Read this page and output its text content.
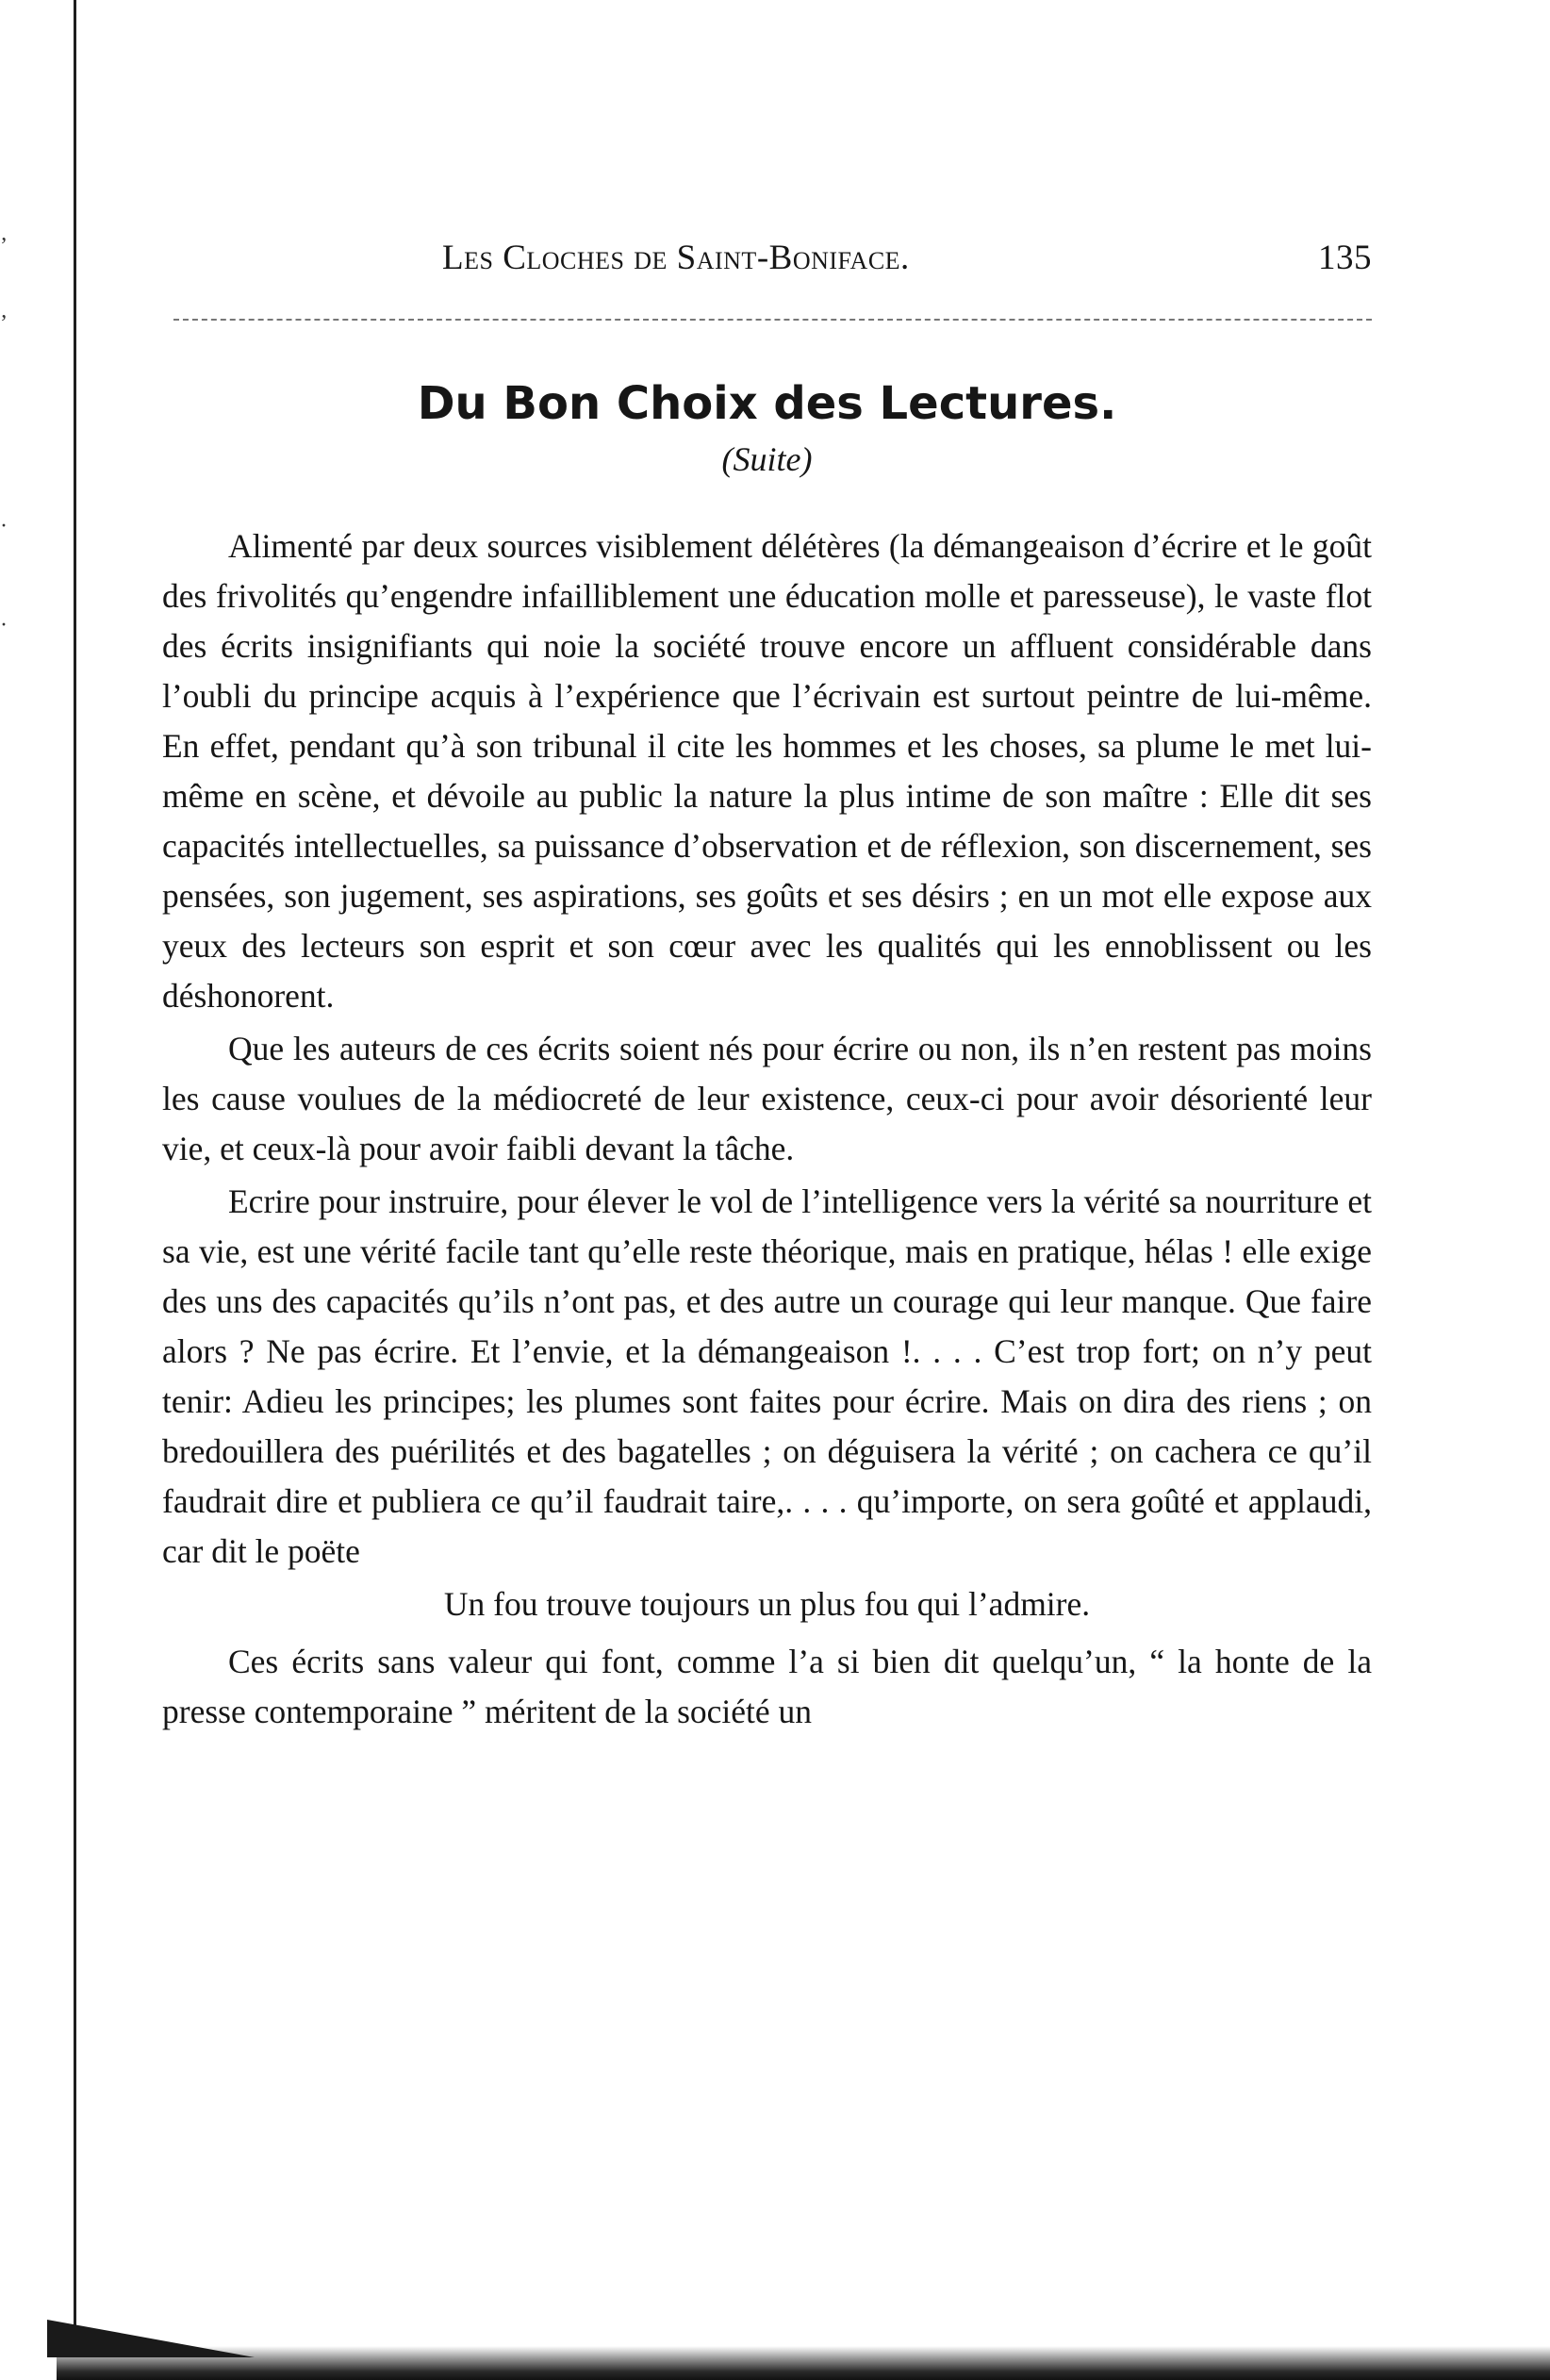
ʼ
ʼ
·
·
Les Cloches de Saint-Boniface.	135
Du Bon Choix des Lectures.

(Suite)

Alimenté par deux sources visiblement délétères (la démangeaison d’écrire et le goût des frivolités qu’engendre infailliblement une éducation molle et paresseuse), le vaste flot des écrits insignifiants qui noie la société trouve encore un affluent considérable dans l’oubli du principe acquis à l’expérience que l’écrivain est surtout peintre de lui-même. En effet, pendant qu’à son tribunal il cite les hommes et les choses, sa plume le met lui-même en scène, et dévoile au public la nature la plus intime de son maître : Elle dit ses capacités intellectuelles, sa puissance d’observation et de réflexion, son discernement, ses pensées, son jugement, ses aspirations, ses goûts et ses désirs ; en un mot elle expose aux yeux des lecteurs son esprit et son cœur avec les qualités qui les ennoblissent ou les déshonorent.

Que les auteurs de ces écrits soient nés pour écrire ou non, ils n’en restent pas moins les cause voulues de la médiocreté de leur existence, ceux-ci pour avoir désorienté leur vie, et ceux-là pour avoir faibli devant la tâche.

Ecrire pour instruire, pour élever le vol de l’intelligence vers la vérité sa nourriture et sa vie, est une vérité facile tant qu’elle reste théorique, mais en pratique, hélas ! elle exige des uns des capacités qu’ils n’ont pas, et des autre un courage qui leur manque. Que faire alors ? Ne pas écrire. Et l’envie, et la démangeaison !. . . . C’est trop fort; on n’y peut tenir: Adieu les principes; les plumes sont faites pour écrire. Mais on dira des riens ; on bredouillera des puérilités et des bagatelles ; on déguisera la vérité ; on cachera ce qu’il faudrait dire et publiera ce qu’il faudrait taire,. . . . qu’importe, on sera goûté et applaudi, car dit le poëte

Un fou trouve toujours un plus fou qui l’admire.

Ces écrits sans valeur qui font, comme l’a si bien dit quelqu’un, “ la honte de la presse contemporaine ” méritent de la société un
